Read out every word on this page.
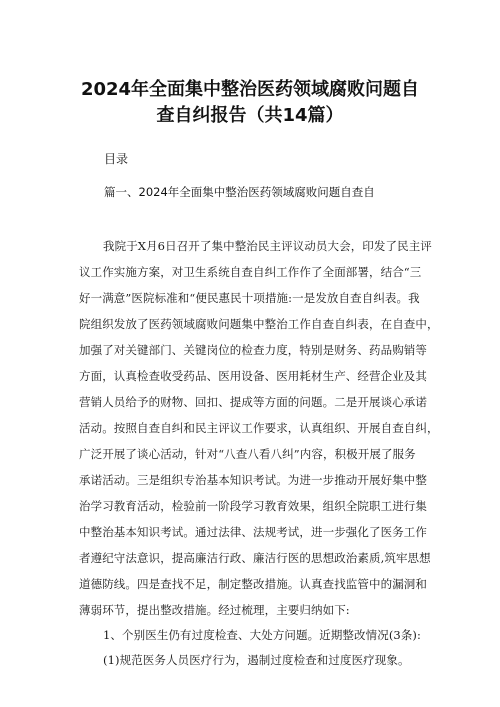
2024年全面集中整治医药领域腐败问题自
查自纠报告（共14篇）
目录
篇一、2024年全面集中整治医药领域腐败问题自查自
我院于X月6日召开了集中整治民主评议动员大会，印发了民主评
议工作实施方案，对卫生系统自查自纠工作作了全面部署，结合“三
好一满意”医院标准和“便民惠民十项措施:一是发放自查自纠表。我
院组织发放了医药领域腐败问题集中整治工作自查自纠表，在自查中，
加强了对关键部门、关键岗位的检查力度，特别是财务、药品购销等
方面，认真检查收受药品、医用设备、医用耗材生产、经营企业及其
营销人员给予的财物、回扣、提成等方面的问题。二是开展谈心承诺
活动。按照自查自纠和民主评议工作要求，认真组织、开展自查自纠，
广泛开展了谈心活动，针对“八查八看八纠”内容，积极开展了服务
承诺活动。三是组织专治基本知识考试。为进一步推动开展好集中整
治学习教育活动，检验前一阶段学习教育效果，组织全院职工进行集
中整治基本知识考试。通过法律、法规考试，进一步强化了医务工作
者遵纪守法意识，提高廉洁行政、廉洁行医的思想政治素质,筑牢思想
道德防线。四是查找不足，制定整改措施。认真查找监管中的漏洞和
薄弱环节，提出整改措施。经过梳理，主要归纳如下:
1、个别医生仍有过度检查、大处方问题。近期整改情况(3条):
(1)规范医务人员医疗行为，遏制过度检查和过度医疗现象。
